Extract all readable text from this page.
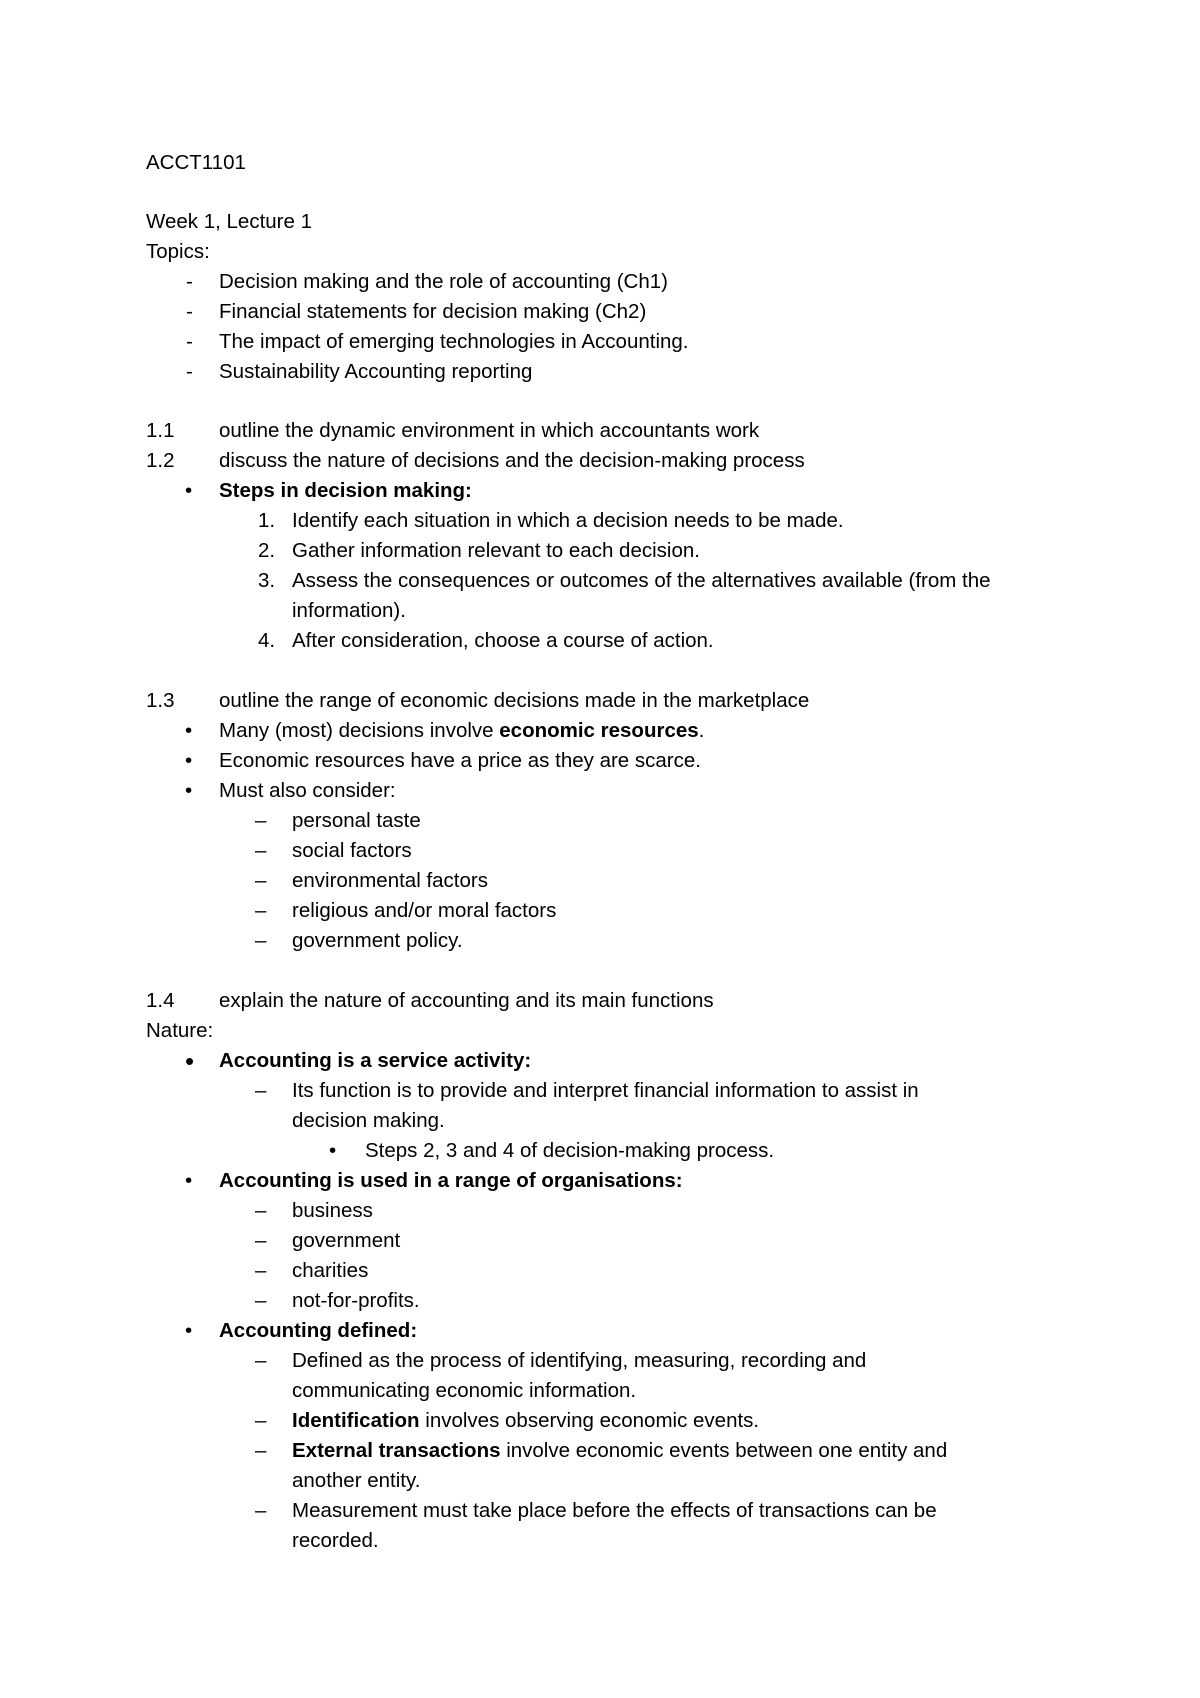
ACCT1101
Week 1, Lecture 1
Topics:
- Decision making and the role of accounting (Ch1)
- Financial statements for decision making (Ch2)
- The impact of emerging technologies in Accounting.
- Sustainability Accounting reporting
1.1 outline the dynamic environment in which accountants work
1.2 discuss the nature of decisions and the decision-making process
• Steps in decision making:
1. Identify each situation in which a decision needs to be made.
2. Gather information relevant to each decision.
3. Assess the consequences or outcomes of the alternatives available (from the
information).
4. After consideration, choose a course of action.
1.3 outline the range of economic decisions made in the marketplace
• Many (most) decisions involve economic resources.
• Economic resources have a price as they are scarce.
• Must also consider:
– personal taste
– social factors
– environmental factors
– religious and/or moral factors
– government policy.
1.4 explain the nature of accounting and its main functions
Nature:
• Accounting is a service activity:
– Its function is to provide and interpret financial information to assist in
decision making.
• Steps 2, 3 and 4 of decision-making process.
• Accounting is used in a range of organisations:
– business
– government
– charities
– not-for-profits.
• Accounting defined:
– Defined as the process of identifying, measuring, recording and
communicating economic information.
– Identification involves observing economic events.
– External transactions involve economic events between one entity and
another entity.
– Measurement must take place before the effects of transactions can be
recorded.
